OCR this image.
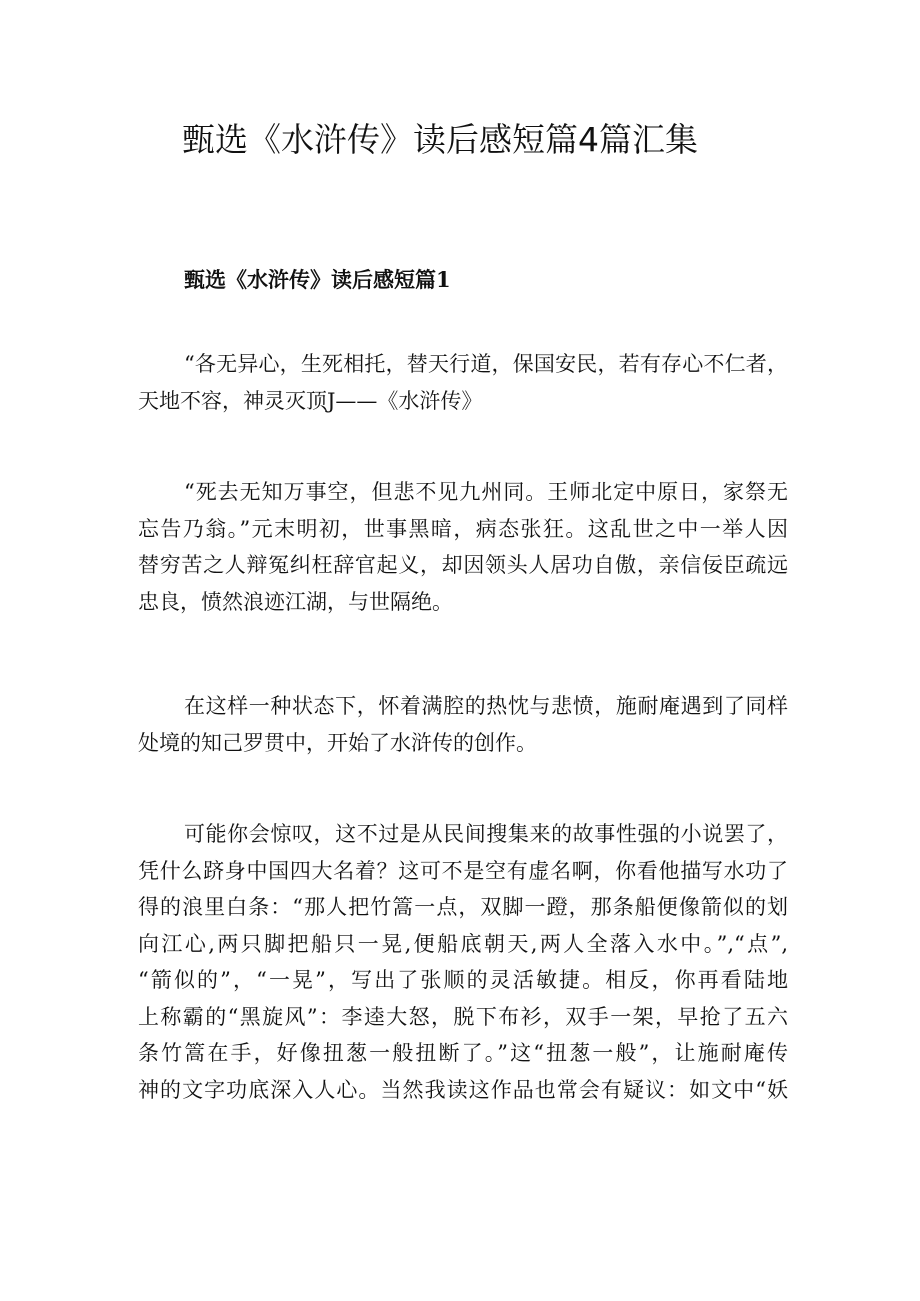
甄选《水浒传》读后感短篇4篇汇集
甄选《水浒传》读后感短篇1

“各无异心，生死相托，替天行道，保国安民，若有存心不仁者，
天地不容，神灵灭顶J——《水浒传》

“死去无知万事空，但悲不见九州同。王师北定中原日，家祭无
忘告乃翁。”元末明初，世事黑暗，病态张狂。这乱世之中一举人因
替穷苦之人辩冤纠枉辞官起义，却因领头人居功自傲，亲信佞臣疏远
忠良，愤然浪迹江湖，与世隔绝。

在这样一种状态下，怀着满腔的热忱与悲愤，施耐庵遇到了同样
处境的知己罗贯中，开始了水浒传的创作。

可能你会惊叹，这不过是从民间搜集来的故事性强的小说罢了，
凭什么跻身中国四大名着？这可不是空有虚名啊，你看他描写水功了
得的浪里白条：“那人把竹篙一点，双脚一蹬，那条船便像箭似的划
向江心,两只脚把船只一晃,便船底朝天,两人全落入水中。”,“点”,
“箭似的”，“一晃”，写出了张顺的灵活敏捷。相反，你再看陆地
上称霸的“黑旋风”：李逵大怒，脱下布衫，双手一架，早抢了五六
条竹篙在手，好像扭葱一般扭断了。”这“扭葱一般”，让施耐庵传
神的文字功底深入人心。当然我读这作品也常会有疑议：如文中“妖
